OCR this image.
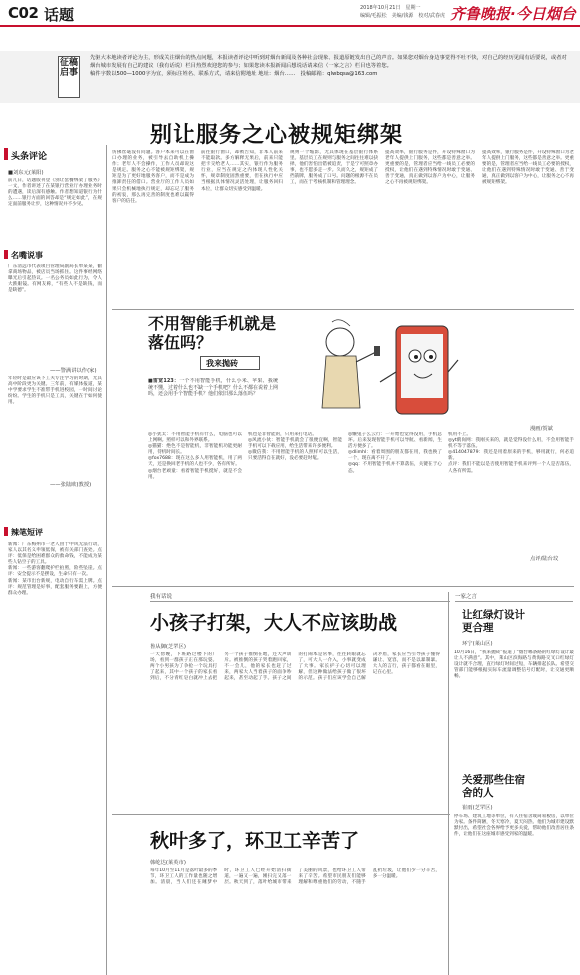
C02 话题	2018年10月21日　星期一
编辑/毛振松　美编/钱源　校对/武春虎 齐鲁晚报·今日烟台
征稿启事
先驱大本地读者评论为主，形成关注烟台的热点问题，本报读者评论中听到对烟台新闻及各种社会现象、报道原链发出自己的声音。如果您对烟台身边事觉得不吐不快，对自己的经历见闻有话要说，或者对烟台城市发展有自己的建议（我有话说）栏目热烈欢迎您的参与；如果您读本报新闻后想说话请来信（一家之言）栏目也等着您。
稿件字数以500—1000字为宜，须标注姓名、联系方式，请来信附地址 地址：烟台……　投稿邮箱：qlwbqsa@163.com
别让服务之心被规矩绑架
头条评论
■刘东元(莱阳)
前几日，话题版刊登《别让套餐绑架了服务》一文，作者讲述了在某银行营业厅办理业务时的遭遇，读后深有感触。作者想知道银行为什么……银行方面的回答却是“规定如此”，在规定面前服务让步，这种情况并不少见。
名嘴说事
广东清远市代表项目管理局副局长单某某，偷拿商场物品，被店员当场抓住。这件事经网络曝光后引起热议。一名公务员如此行为，令人大跌眼镜。有网友称，“有些人不是缺钱，而是缺德”。
——警满讲以作(家)
年轻时是最应该下工夫专注学习的时期，尤其高中阶段更为关键。三年前，有媒体报道，某中学要求学生不准带手机进校园，一时间讨论纷纷。学生的手机只是工具，关键在于如何使用。
——张陆欧(教授)
辣笔短评
新闻：广东梅州市一老人由于中风无法行动，家人以其名义申领低保，被有关部门查处。点评：低保是给困难群众的救命钱，不能成为某些人钻空子的工具。
新闻：一些游客翻爬护栏拍照，险些坠崖。点评：安全提示不是摆设，生命只有一次。
新闻：某市出台新规，电动自行车需上牌。点评：规范管理是好事，配套服务要跟上，方便群众办理。
仿佛丝毫没有问题。客户本来可以在窗口办理的业务，被引导去自助机上操作；老年人不会操作，工作人员却说这是规定。服务之心不能被规矩绑架，规矩是为了更好地服务客户，而不是成为推卸责任的借口。营业厅的工作人员如果只会机械地执行规定，却忘记了服务的初衷，那么再完善的制度也难以赢得客户的信任。
前往银行窗口，却被告知，非本人前来不能取款。多方解释无果后，前来只能把卡交给老人……其实，银行作为服务行业，应当在规定之内体现人性化关怀，规章制度固然重要，但在执行中应当根据具体情况灵活处理，让服务回归本位，让群众切实感受到温暖。
规则一个缩影，尤其体现在基层银行体系里。基层员工在规则与服务之间往往难以抉择，他们害怕出错被追责，于是宁可照章办事，也不愿多走一步。久而久之，规矩成了挡箭牌，服务成了口号。问题的根源不在员工，而在于考核机制和管理理念。
提高效率，银行服务是件，开设特殊窗口为老年人提供上门服务，这些都是善意之举。更重要的是，管理者应当给一线员工必要的授权，让他们在遇到特殊情况时敢于变通、善于变通，真正做到以客户为中心，让服务之心不再被规矩绑架。
提高效率，银行服务是件，开设特殊窗口为老年人提供上门服务，这些都是善意之举。更重要的是，管理者应当给一线员工必要的授权，让他们在遇到特殊情况时敢于变通、善于变通，真正做到以客户为中心，让服务之心不再被规矩绑架。
不用智能手机就是落伍吗？
我来抛砖
漫画/贺斌
■雷宽123：一个不用智能手机，什么小米、苹果、我统统不懂，过着什么也不缺一个手机吧？什么不都在说着上网吗，还会用手个智能手机？他们依旧那么落伍吗？
◎小犹太：不用智能手机有什么，电脑也可以上网啊。照样可以和外界联系。
◎猫猫：绝色不是智能机，非智能机功能更耐用，待机时间长。
◎fox7688：现在这么多人用智能机，用了两天，还是换回老手机的人也不少，各有所好。
◎烟台老顽童：看着智能手机挺好，就是不会用。
机也是非智能的，只用来打电话。
◎风流小伙：智能手机就会了很便宜啊，智能手机可以下载应用，给生活带来许多便利。
◎微信我：不用智能手机的人照样可以生活，只要活得自在就好，没必要赶时髦。
◎懒兔子么云行：一开始也觉得没用，手机总坏。后来发现智能手机可以导航、看新闻，生活方便多了。
◎dlimhl：看着周围的朋友都在用，我也换了一个，现在离不开了。
◎qq：不用智能手机并不算落伍，关键在于心态。
机用不上。
◎yt鹤岗网：我刚买来的，就是觉得没什么用，不会用智能手机不等于落伍。
◎414047879：我还是用着原来的手机，够用就行，何必追新。
点评：我们不能以是否使用智能手机来评判一个人是否落伍，人各有所需。
点评/陆台玟
我有话说
小孩子打架，大人不应该助战
鲁从御(芝罘区)
一天傍晚，下班路过楼下的广场，看到一群孩子正在那玩耍。两个小男孩为了争抢一个玩具打了起来，其中一个孩子的家长看到后，不分青红皂白就冲上去把另一个孩子推倒在地，还大声训斥。被推倒的孩子哭着跑回家，不一会儿，他的家长也赶了过来，两家大人当着孩子的面争吵起来，甚至动起了手。孩子之间的打闹本是常事，往往转眼就忘了，可大人一介入，小事就变成了大事。家长护子心切可以理解，但这种做法给孩子做了很坏的示范。孩子们应该学会自己解决矛盾，家长应当引导孩子懂得谦让、宽容，而不是以暴制暴。大人的言行，孩子都看在眼里，记在心里。
秋叶多了，环卫工辛苦了
韩屹达(莱英市)
每年10月至11月是落叶最多的季节，环卫工人的工作量也随之增加。清晨，当人们还在睡梦中时，环卫工人已经开始清扫街道，一遍又一遍，刚扫完又落一层。秋天到了，落叶给城市带来了美丽的风景，也给环卫工人带来了辛苦。希望市民朋友们能够理解和尊重他们的劳动，不随手乱扔垃圾，让他们少一分辛苦，多一分温暖。
一家之言
让红绿灯设计更合理
环宁(莱山区)
10月16日，“我来抛砖”报道了“烟台哪条路的红绿灯设计最让人不满意”。其中，莱山区滨海路与黄海路交叉口红绿灯设计就不合理，直行绿灯时间过短，车辆排起长队。希望交管部门能够根据实际车流量调整信号灯配时，让交通更顺畅。
关爱那些住宿舍的人
崔雨(芝罘区)
停车场、建筑工地等单位，有人住宿舍或简易板房，以单位为家。条件简陋，冬天寒冷，夏天闷热。他们为城市建设默默付出，希望社会各界给予更多关爱，帮助他们改善居住条件，让他们在这座城市感受到家的温暖。
